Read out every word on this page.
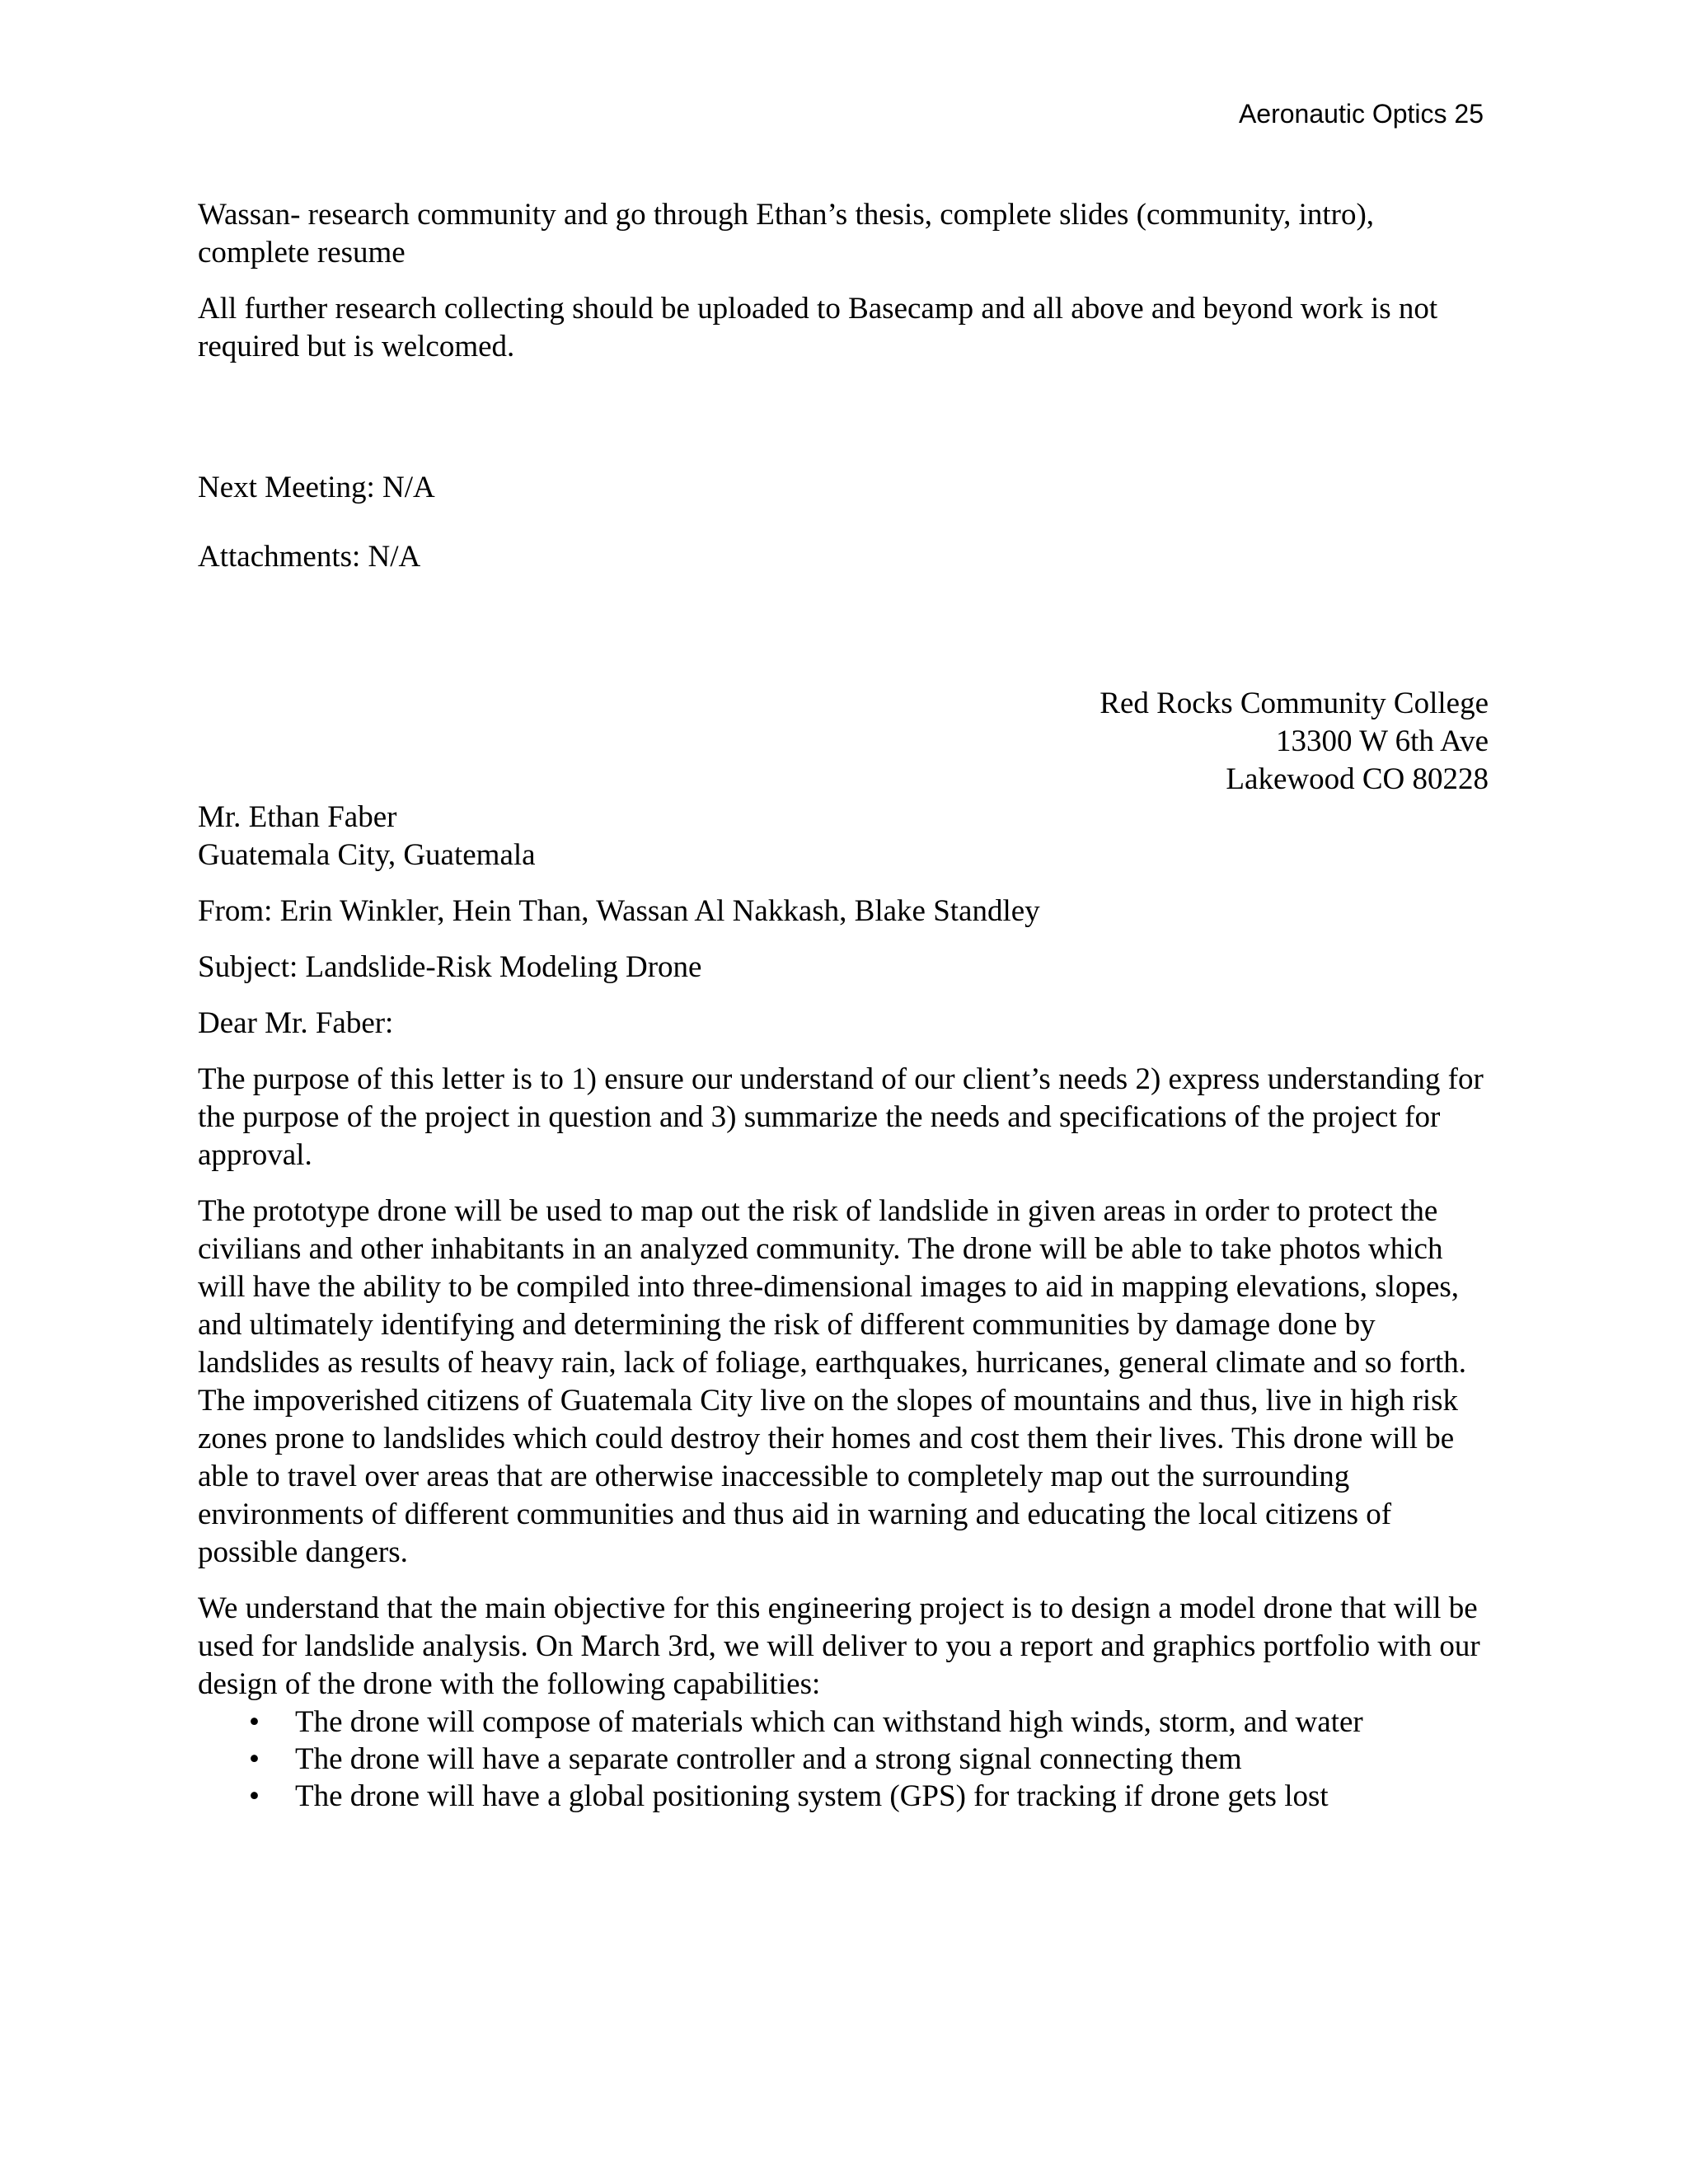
Aeronautic Optics 25

Wassan- research community and go through Ethan’s thesis, complete slides (community, intro), complete resume

All further research collecting should be uploaded to Basecamp and all above and beyond work is not required but is welcomed.

Next Meeting: N/A

Attachments: N/A

Red Rocks Community College

13300 W 6th Ave

Lakewood CO 80228

Mr. Ethan Faber

Guatemala City, Guatemala

From: Erin Winkler, Hein Than, Wassan Al Nakkash, Blake Standley

Subject: Landslide-Risk Modeling Drone

Dear Mr. Faber:

The purpose of this letter is to 1) ensure our understand of our client’s needs 2) express understanding for the purpose of the project in question and 3) summarize the needs and specifications of the project for approval.

The prototype drone will be used to map out the risk of landslide in given areas in order to protect the civilians and other inhabitants in an analyzed community. The drone will be able to take photos which will have the ability to be compiled into three-dimensional images to aid in mapping elevations, slopes, and ultimately identifying and determining the risk of different communities by damage done by landslides as results of heavy rain, lack of foliage, earthquakes, hurricanes, general climate and so forth. The impoverished citizens of Guatemala City live on the slopes of mountains and thus, live in high risk zones prone to landslides which could destroy their homes and cost them their lives. This drone will be able to travel over areas that are otherwise inaccessible to completely map out the surrounding environments of different communities and thus aid in warning and educating the local citizens of possible dangers.

We understand that the main objective for this engineering project is to design a model drone that will be used for landslide analysis. On March 3rd, we will deliver to you a report and graphics portfolio with our design of the drone with the following capabilities:

• The drone will compose of materials which can withstand high winds, storm, and water
• The drone will have a separate controller and a strong signal connecting them
• The drone will have a global positioning system (GPS) for tracking if drone gets lost
